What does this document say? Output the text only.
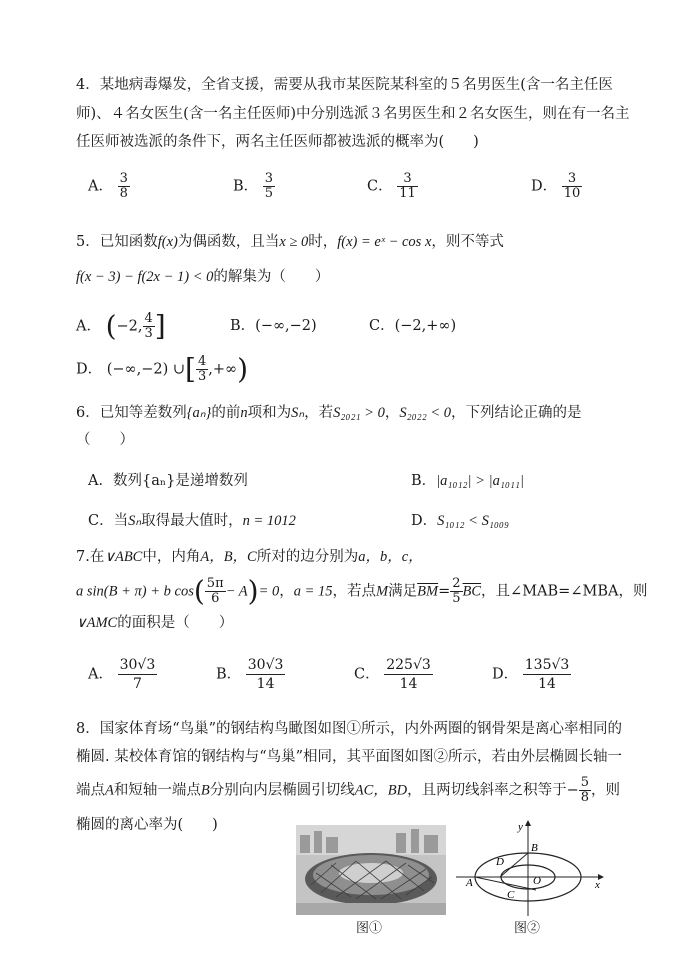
4．某地病毒爆发，全省支援，需要从我市某医院某科室的５名男医生(含一名主任医
师)、４名女医生(含一名主任医师)中分别选派３名男医生和２名女医生，则在有一名主
任医师被选派的条件下，两名主任医师都被选派的概率为(　　)
A． $\frac{3}{8}$	B． $\frac{3}{5}$	C． $\frac{3}{11}$	D． $\frac{3}{10}$
5．已知函数f(x)为偶函数，且当x ≥ 0时，f(x) = eˣ − cos x，则不等式
f(x − 3) − f(2x − 1) < 0的解集为（　　）
A． (−2, $\frac{4}{3}$ ]	B．(−∞,−2)	C．(−2,+∞)
D． (−∞,−2) ∪[ $\frac{4}{3}$ ,+∞)
6．已知等差数列{aₙ}的前n项和为Sₙ，若S₂₀₂₁ > 0，S₂₀₂₂ < 0，下列结论正确的是
（　　）
A．数列{aₙ}是递增数列	B．|a₁₀₁₂| > |a₁₀₁₁|
C．当Sₙ取得最大值时，n = 1012	D．S₁₀₁₂ < S₁₀₀₉
7.在∨ABC中，内角A，B，C所对的边分别为a，b，c，
a sin(B + π) + b $\cos( \frac{5\pi}{6} - A)= 0$，a = 15，若点M满足$\overline{BM}= \frac{2}{5} \overline{BC}$，且∠MAB=∠MBA，则
∨AMC的面积是（　　）
A． $\frac{30√3}{7}$	B． $\frac{30√3}{14}$	C． $\frac{225√3}{14}$	D． $\frac{135√3}{14}$
8．国家体育场“鸟巢”的钢结构鸟瞰图如图①所示，内外两圈的钢骨架是离心率相同的
椭圆. 某校体育馆的钢结构与“鸟巢”相同，其平面图如图②所示，若由外层椭圆长轴一
端点A和短轴一端点B分别向内层椭圆引切线AC，BD，且两切线斜率之积等于− $\frac{5}{8}$ ，则
椭圆的离心率为(　　)
图①
y
x
A
B
C
D
O
图②
